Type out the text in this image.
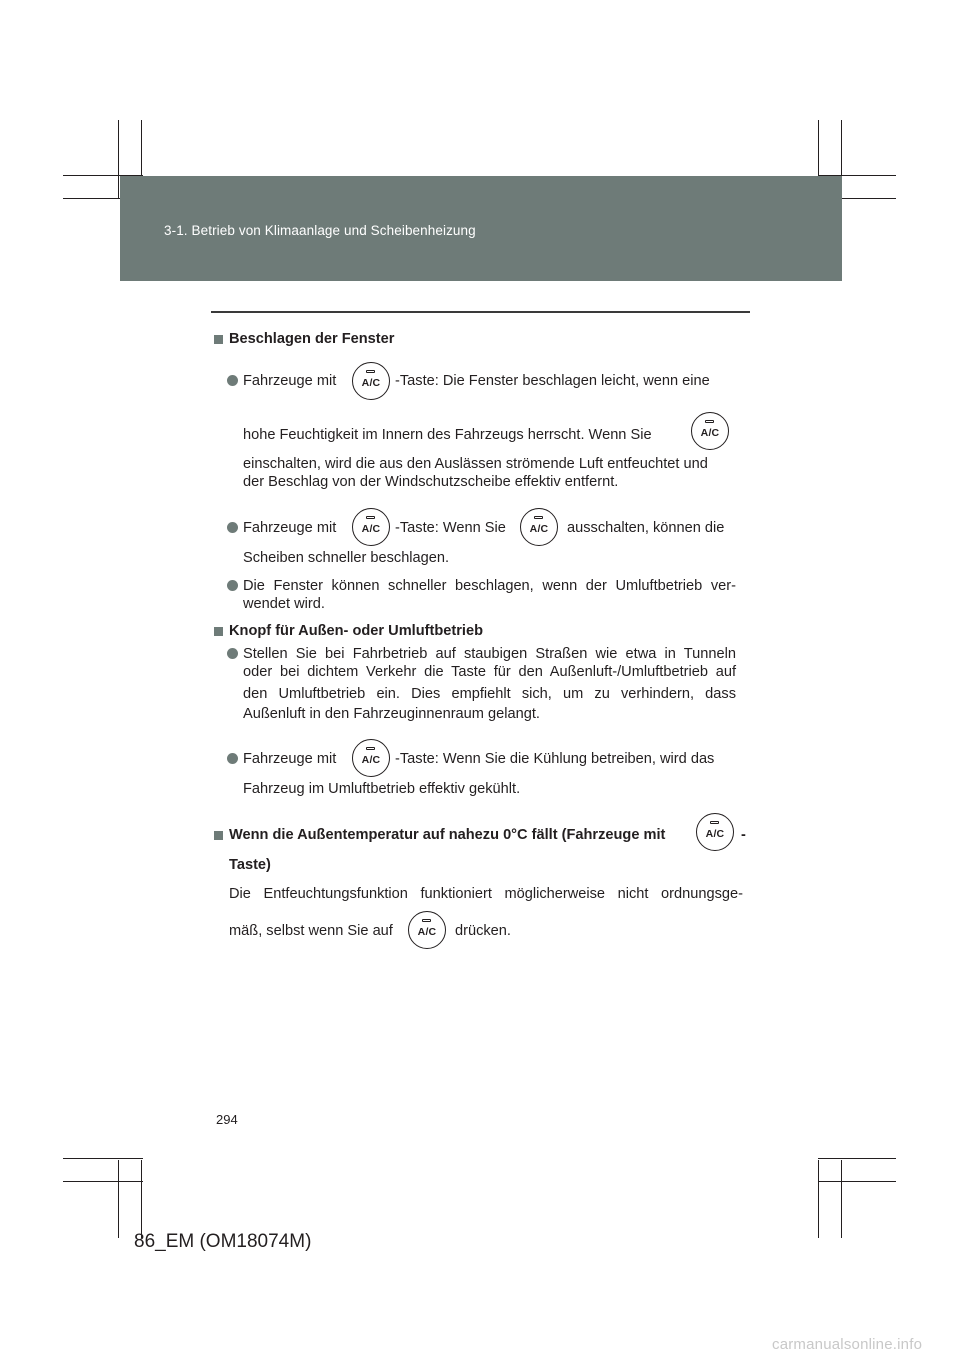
3-1. Betrieb von Klimaanlage und Scheibenheizung
Beschlagen der Fenster
Fahrzeuge mit	A/C	-Taste: Die Fenster beschlagen leicht, wenn eine
hohe Feuchtigkeit im Innern des Fahrzeugs herrscht. Wenn Sie	A/C
einschalten, wird die aus den Auslässen strömende Luft entfeuchtet und
der Beschlag von der Windschutzscheibe effektiv entfernt.
Fahrzeuge mit	A/C	-Taste: Wenn Sie	A/C	ausschalten, können die
Scheiben schneller beschlagen.
Die Fenster können schneller beschlagen, wenn der Umluftbetrieb ver-
wendet wird.
Knopf für Außen- oder Umluftbetrieb
Stellen Sie bei Fahrbetrieb auf staubigen Straßen wie etwa in Tunneln
oder bei dichtem Verkehr die Taste für den Außenluft-/Umluftbetrieb auf
den Umluftbetrieb ein. Dies empfiehlt sich, um zu verhindern, dass
Außenluft in den Fahrzeuginnenraum gelangt.
Fahrzeuge mit	A/C	-Taste: Wenn Sie die Kühlung betreiben, wird das
Fahrzeug im Umluftbetrieb effektiv gekühlt.
Wenn die Außentemperatur auf nahezu 0°C fällt (Fahrzeuge mit	A/C	-
Taste)
Die Entfeuchtungsfunktion funktioniert möglicherweise nicht ordnungsge-
mäß, selbst wenn Sie auf	A/C	drücken.
294
86_EM (OM18074M)
carmanualsonline.info
